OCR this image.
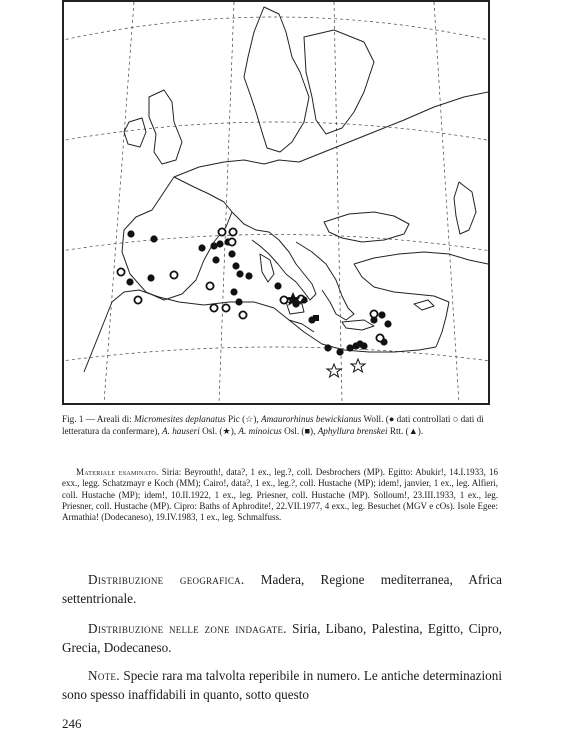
Fig. 1 — Areali di: Micromesites deplanatus Pic (☆), Amaurorhinus bewickianus Woll. (● dati controllati ○ dati di letteratura da confermare), A. hauseri Osl. (★), A. minoicus Osl. (■), Aphyllura brenskei Rtt. (▲).

Materiale esaminato. Siria: Beyrouth!, data?, 1 ex., leg.?, coll. Desbrochers (MP). Egitto: Abukir!, 14.I.1933, 16 exx., legg. Schatzmayr e Koch (MM); Cairo!, data?, 1 ex., leg.?, coll. Hustache (MP); idem!, janvier, 1 ex., leg. Alfieri, coll. Hustache (MP); idem!, 10.II.1922, 1 ex., leg. Priesner, coll. Hustache (MP). Solloum!, 23.III.1933, 1 ex., leg. Priesner, coll. Hustache (MP). Cipro: Baths of Aphrodite!, 22.VII.1977, 4 exx., leg. Besuchet (MGV e cOs). Isole Egee: Armathia! (Dodecaneso), 19.IV.1983, 1 ex., leg. Schmalfuss.

Distribuzione geografica. Madera, Regione mediterranea, Africa settentrionale.

Distribuzione nelle zone indagate. Siria, Libano, Palestina, Egitto, Cipro, Grecia, Dodecaneso.

Note. Specie rara ma talvolta reperibile in numero. Le antiche determinazioni sono spesso inaffidabili in quanto, sotto questo

246
